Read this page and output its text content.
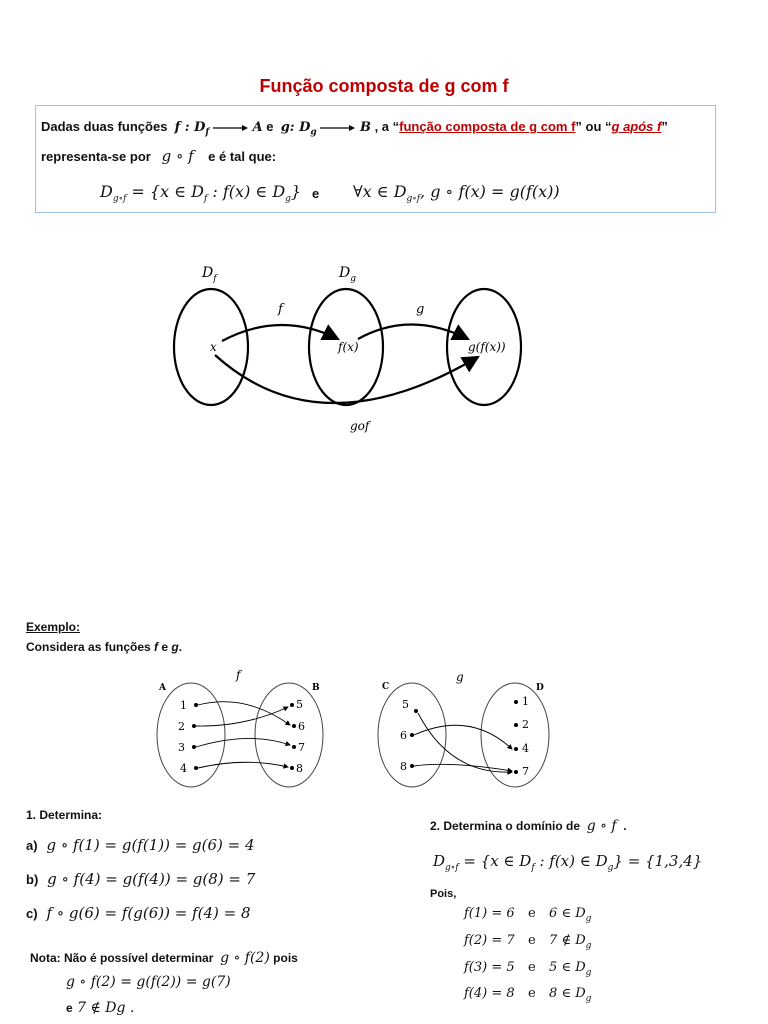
Função composta de g com f
Dadas duas funções f : $D_f$	A e g: $D_g$	B , a “função composta de g com f” ou “g após f”
representa-se por g ∘ f e é tal que:
$D_{g\circ f} = \{x$ ∈ $D_f$ : f(x) ∈ $D_g$} e ∀x ∈ $D_{g\circ f}$, g ∘ f(x) = g(f(x))
$D_f$	$D_g$
f	g
x	f(x)	g(f(x))
gof
Exemplo:
Considera as funções f e g.
f	g
A	B	C	D
1
2
3
4
5
6
7
8
5
6
8
1
2
4
7
1. Determina:
a) g ∘ f(1) = g(f(1)) = g(6) = 4
b) g ∘ f(4) = g(f(4)) = g(8) = 7
c) f ∘ g(6) = f(g(6)) = f(4) = 8
Nota: Não é possível determinar g ∘ f(2) pois
g ∘ f(2) = g(f(2)) = g(7)
e 7 ∉ Dg .
2. Determina o domínio de g ∘ f .
$D_{g\circ f} = \{x$ ∈ $D_f$ : f(x) ∈ $D_g\} = \{1,3,4\}$
Pois,
f(1) = 6 e 6 ∈ $D_g$
f(2) = 7 e 7 ∉ $D_g$
f(3) = 5 e 5 ∈ $D_g$
f(4) = 8 e 8 ∈ $D_g$
